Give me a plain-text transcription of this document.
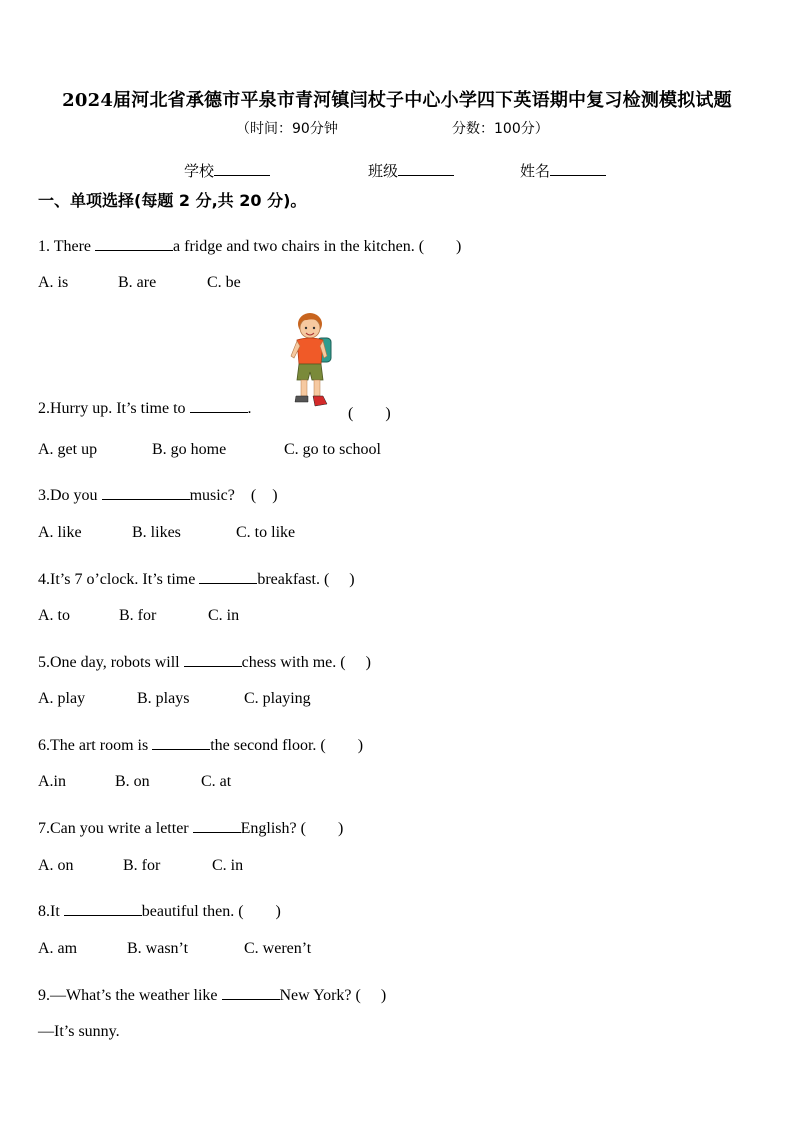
2024届河北省承德市平泉市青河镇闫杖子中心小学四下英语期中复习检测模拟试题
（时间：90分钟	分数：100分）
学校	班级	姓名
一、单项选择(每题 2 分,共 20 分)。
1. There	a fridge and two chairs in the kitchen. (　　)
A. is	B. are	C. be
2.Hurry up. It’s time to	.	(　　)
A. get up	B. go home	C. go to school
3.Do you	music?　(　)
A. like	B. likes	C. to like
4.It’s 7 o’clock. It’s time	breakfast. (　 )
A. to	B. for	C. in
5.One day, robots will	chess with me. (　 )
A. play	B. plays	C. playing
6.The art room is	the second floor. (　　)
A.in	B. on	C. at
7.Can you write a letter	English? (　　)
A. on	B. for	C. in
8.It	beautiful then. (　　)
A. am	B. wasn’t	C. weren’t
9.—What’s the weather like	New York? (　 )
—It’s sunny.
